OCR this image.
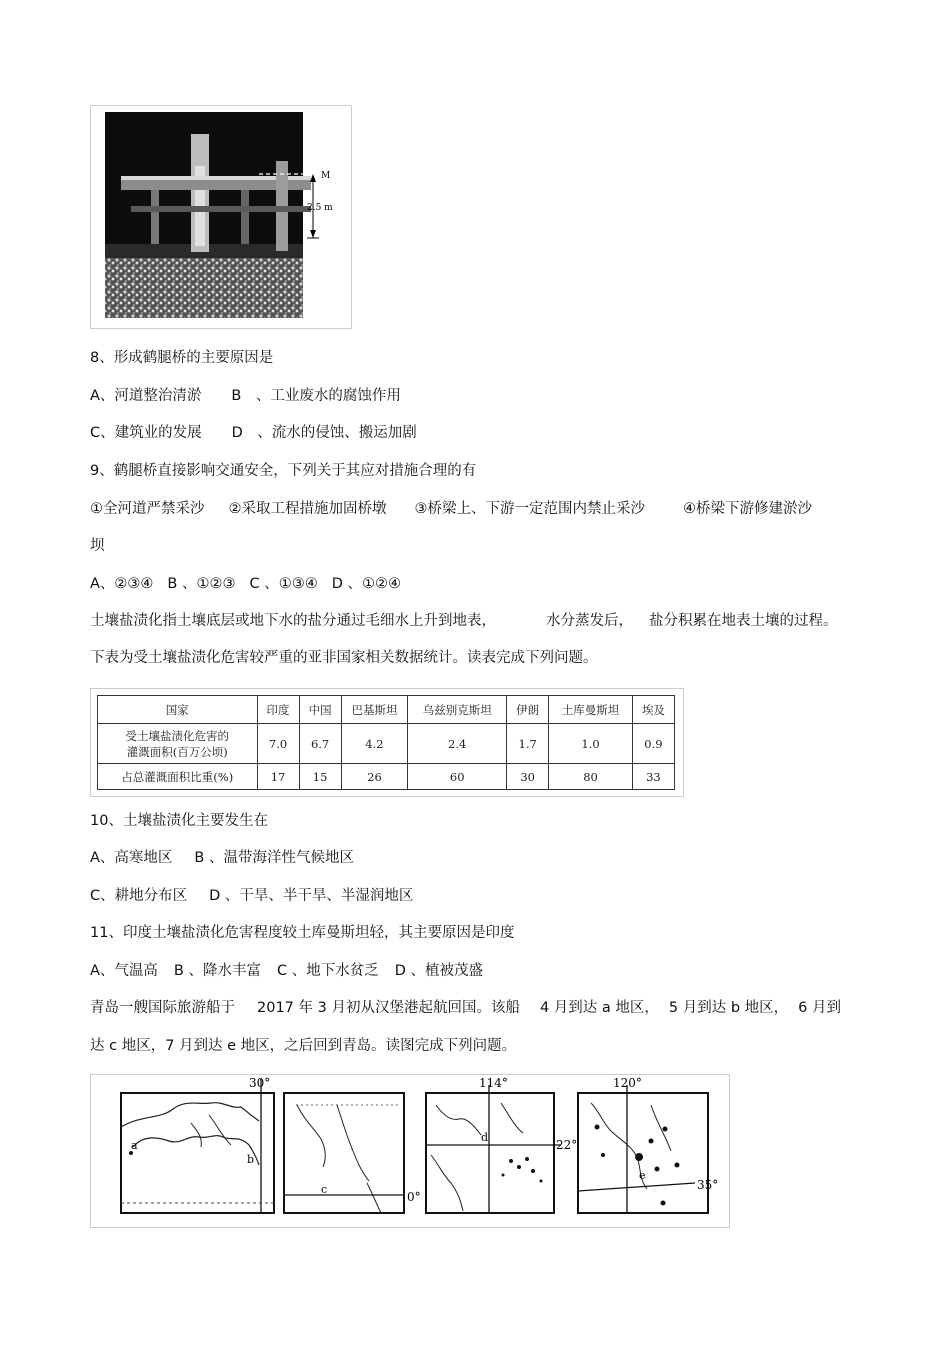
M
2.5 m
8、形成鹤腿桥的主要原因是
A、河道整治清淤 B　、工业废水的腐蚀作用
C、建筑业的发展 D　、流水的侵蚀、搬运加剧
9、鹤腿桥直接影响交通安全，下列关于其应对措施合理的有
①全河道严禁采沙 ②采取工程措施加固桥墩 ③桥梁上、下游一定范围内禁止采沙	④桥梁下游修建淤沙
坝
A、②③④ B 、①②③ C 、①③④ D 、①②④
土壤盐渍化指土壤底层或地下水的盐分通过毛细水上升到地表，	水分蒸发后， 盐分积累在地表土壤的过程。
下表为受土壤盐渍化危害较严重的亚非国家相关数据统计。读表完成下列问题。
国家	印度	中国	巴基斯坦	乌兹别克斯坦	伊朗	土库曼斯坦	埃及

受土壤盐渍化危害的
灌溉面积(百万公顷)	7.0	6.7	4.2	2.4	1.7	1.0	0.9
占总灌溉面积比重(%)	17	15	26	60	30	80	33
10、土壤盐渍化主要发生在
A、高寒地区 B 、温带海洋性气候地区
C、耕地分布区 D 、干旱、半干旱、半湿润地区
11、印度土壤盐渍化危害程度较土库曼斯坦轻，其主要原因是印度
A、气温高 B 、降水丰富 C 、地下水贫乏 D 、植被茂盛
青岛一艘国际旅游船于 2017 年 3 月初从汉堡港起航回国。该船 4 月到达 a 地区， 5 月到达 b 地区， 6 月到
达 c 地区，7 月到达 e 地区，之后回到青岛。读图完成下列问题。
a
b
30°
c
0°
d
114°
22°
e
120°
35°
